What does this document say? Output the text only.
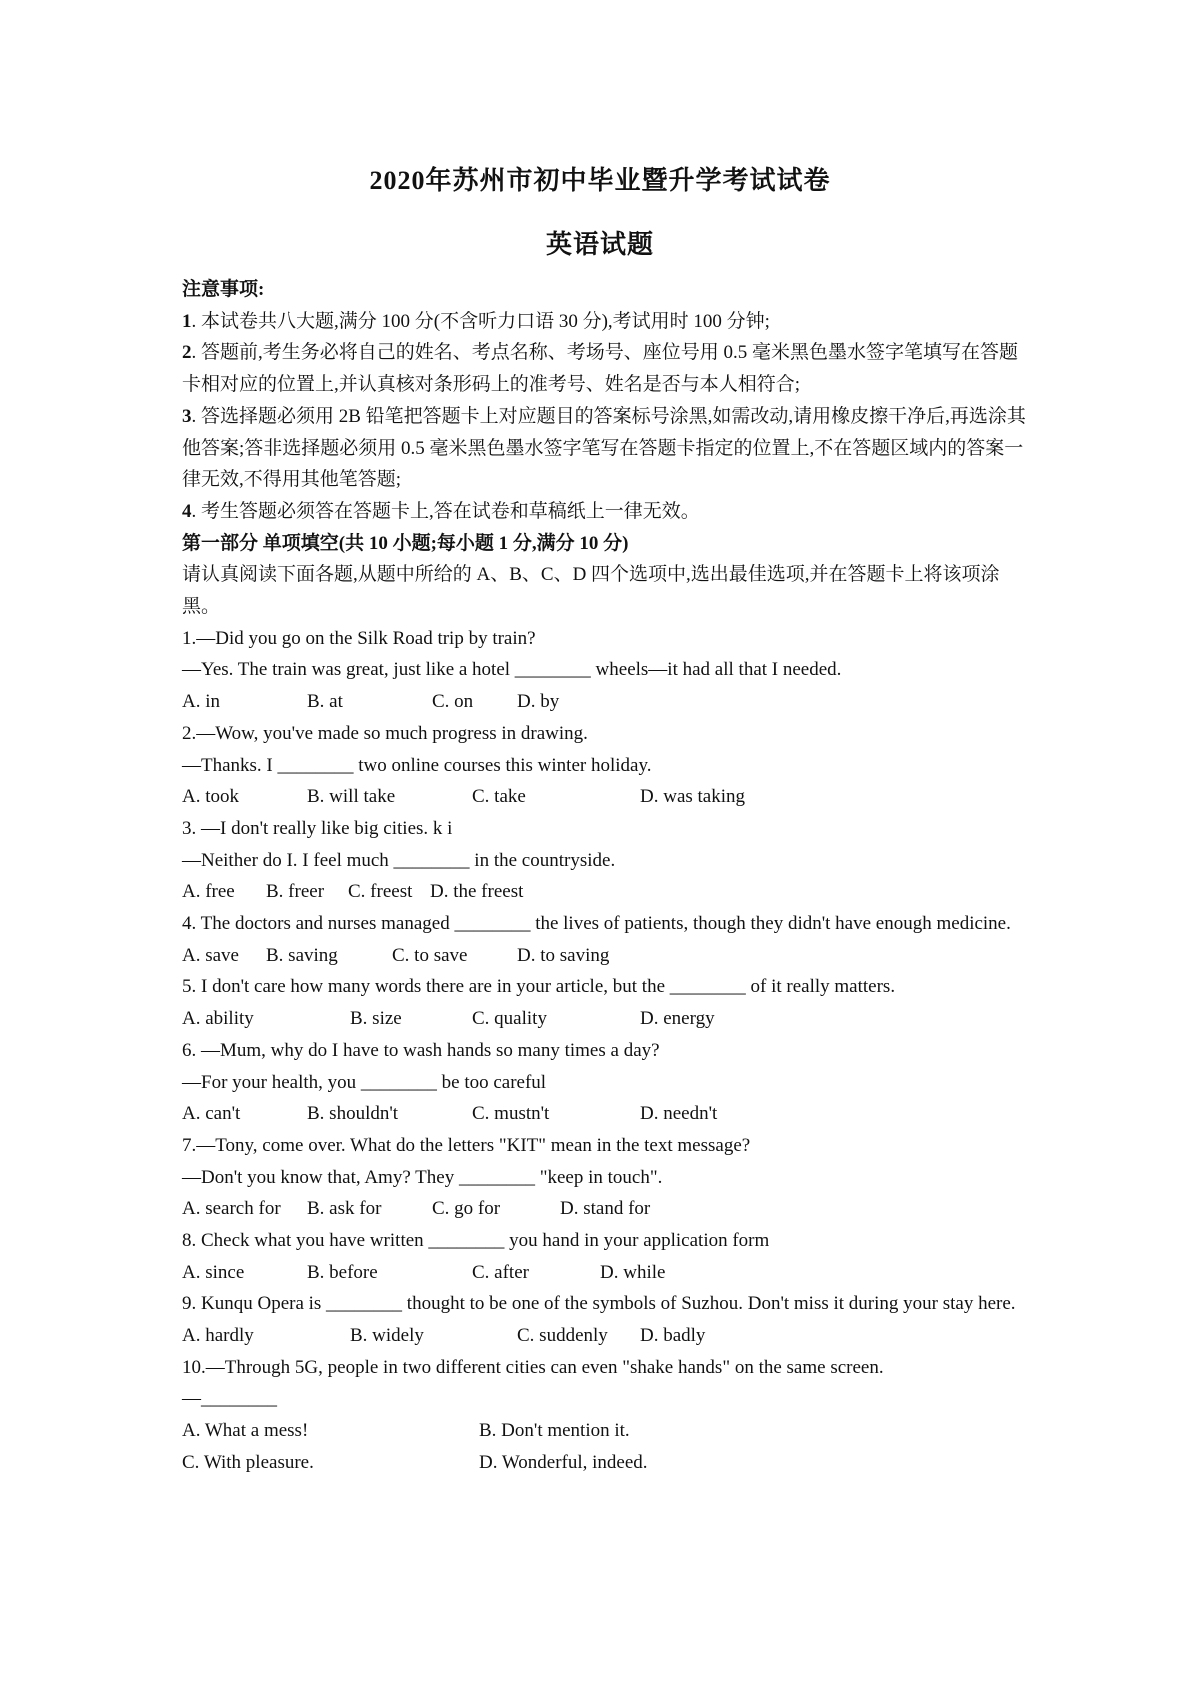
2020年苏州市初中毕业暨升学考试试卷
英语试题
注意事项:
1. 本试卷共八大题,满分 100 分(不含听力口语 30 分),考试用时 100 分钟;
2. 答题前,考生务必将自己的姓名、考点名称、考场号、座位号用 0.5 毫米黑色墨水签字笔填写在答题卡相对应的位置上,并认真核对条形码上的准考号、姓名是否与本人相符合;
3. 答选择题必须用 2B 铅笔把答题卡上对应题目的答案标号涂黑,如需改动,请用橡皮擦干净后,再选涂其他答案;答非选择题必须用 0.5 毫米黑色墨水签字笔写在答题卡指定的位置上,不在答题区域内的答案一律无效,不得用其他笔答题;
4. 考生答题必须答在答题卡上,答在试卷和草稿纸上一律无效。
第一部分 单项填空(共 10 小题;每小题 1 分,满分 10 分)
请认真阅读下面各题,从题中所给的 A、B、C、D 四个选项中,选出最佳选项,并在答题卡上将该项涂黑。
1.—Did you go on the Silk Road trip by train?
—Yes. The train was great, just like a hotel ________ wheels—it had all that I needed.
A. in	B. at	C. on D. by
2.—Wow, you've made so much progress in drawing.
—Thanks. I ________ two online courses this winter holiday.
A. took	B. will take	C. take	D. was taking
3. —I don't really like big cities. k i
—Neither do I. I feel much ________ in the countryside.
A. free B. freer C. freest D. the freest
4. The doctors and nurses managed ________ the lives of patients, though they didn't have enough medicine.
A. save B. saving	C. to save	D. to saving
5. I don't care how many words there are in your article, but the ________ of it really matters.
A. ability	B. size	C. quality	D. energy
6. —Mum, why do I have to wash hands so many times a day?
—For your health, you ________ be too careful
A. can't	B. shouldn't	C. mustn't	D. needn't
7.—Tony, come over. What do the letters "KIT" mean in the text message?
—Don't you know that, Amy? They ________ "keep in touch".
A. search for B. ask for	C. go for	D. stand for
8. Check what you have written ________ you hand in your application form
A. since	B. before	C. after	D. while
9. Kunqu Opera is ________ thought to be one of the symbols of Suzhou. Don't miss it during your stay here.
A. hardly	B. widely	C. suddenly D. badly
10.—Through 5G, people in two different cities can even "shake hands" on the same screen.
—________
A. What a mess!	B. Don't mention it.
C. With pleasure.	D. Wonderful, indeed.
